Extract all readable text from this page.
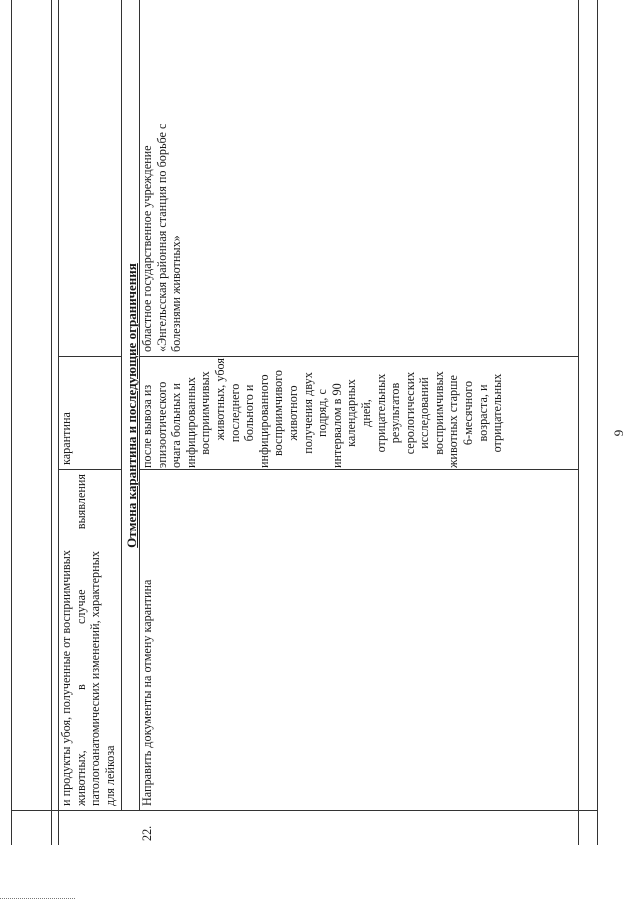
9
и продукты убоя, полученные от восприимчивых животных, в случае выявления патологоанатомических изменений, характерных для лейкоза
карантина	Отмена карантина и последующие ограничения
22.
Направить документы на отмену карантина
после вывоза из эпизоотического очага больных и инфицированных восприимчивых животных, убоя последнего больного и инфицированного восприимчивого животного получения двух подряд, с интервалом в 90 календарных дней, отрицательных результатов серологических исследований восприимчивых животных старше 6-месячного возраста, и отрицательных
областное государственное учреждение «Энгельсская районная станция по борьбе с болезнями животных»
